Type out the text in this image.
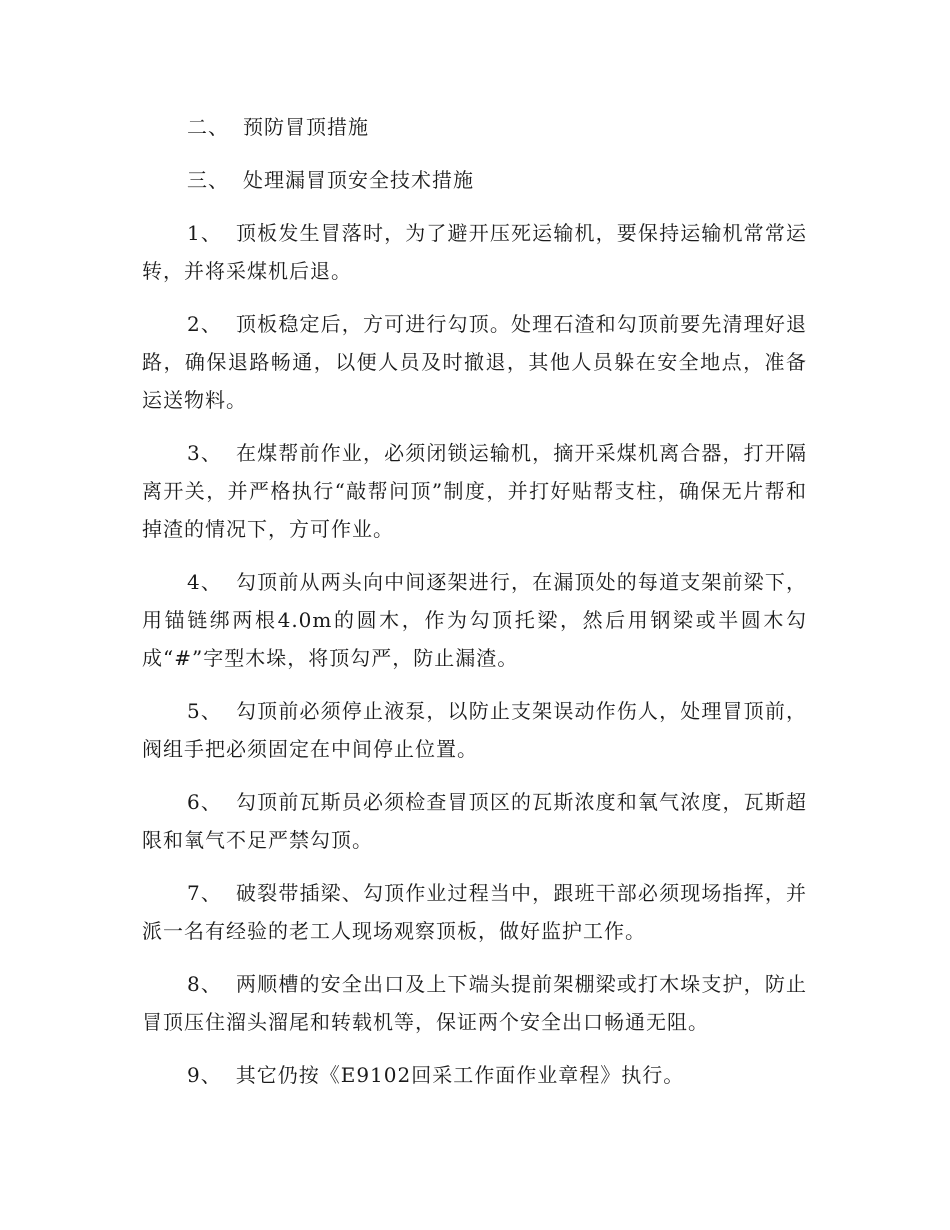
二、 预防冒顶措施

三、 处理漏冒顶安全技术措施

1、 顶板发生冒落时，为了避开压死运输机，要保持运输机常常运转，并将采煤机后退。

2、 顶板稳定后，方可进行勾顶。处理石渣和勾顶前要先清理好退路，确保退路畅通，以便人员及时撤退，其他人员躲在安全地点，准备运送物料。

3、 在煤帮前作业，必须闭锁运输机，摘开采煤机离合器，打开隔离开关，并严格执行“敲帮问顶”制度，并打好贴帮支柱，确保无片帮和掉渣的情况下，方可作业。

4、 勾顶前从两头向中间逐架进行，在漏顶处的每道支架前梁下，用锚链绑两根4.0m的圆木，作为勾顶托梁，然后用钢梁或半圆木勾成“#”字型木垛，将顶勾严，防止漏渣。

5、 勾顶前必须停止液泵，以防止支架误动作伤人，处理冒顶前，阀组手把必须固定在中间停止位置。

6、 勾顶前瓦斯员必须检查冒顶区的瓦斯浓度和氧气浓度，瓦斯超限和氧气不足严禁勾顶。

7、 破裂带插梁、勾顶作业过程当中，跟班干部必须现场指挥，并派一名有经验的老工人现场观察顶板，做好监护工作。

8、 两顺槽的安全出口及上下端头提前架棚梁或打木垛支护，防止冒顶压住溜头溜尾和转载机等，保证两个安全出口畅通无阻。

9、 其它仍按《E9102回采工作面作业章程》执行。
